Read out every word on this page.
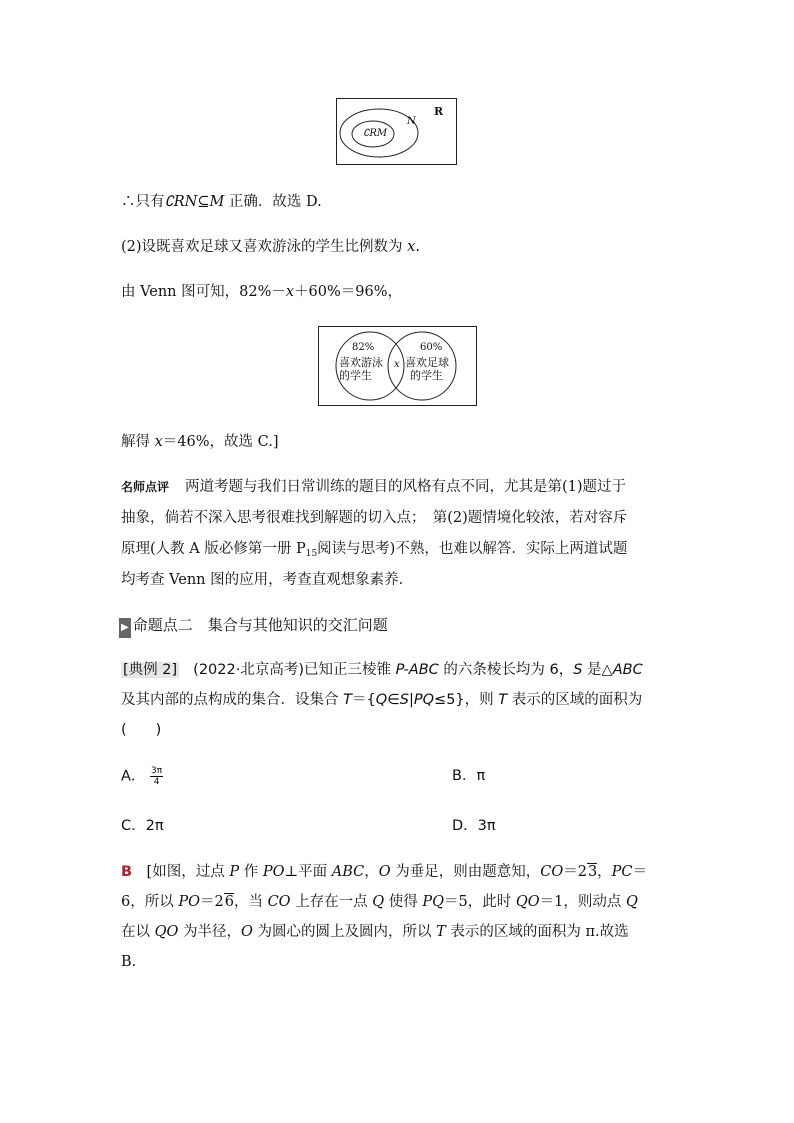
R
N
∁RM
∴只有∁RN⊆M 正确．故选 D.
(2)设既喜欢足球又喜欢游泳的学生比例数为 x.
由 Venn 图可知，82%－x＋60%＝96%，
82%
喜欢游泳
的学生
x
60%
喜欢足球
的学生
解得 x＝46%，故选 C.]
名师点评 两道考题与我们日常训练的题目的风格有点不同，尤其是第(1)题过于
抽象，倘若不深入思考很难找到解题的切入点；　第(2)题情境化较浓，若对容斥
原理(人教 A 版必修第一册 $P_{15}$阅读与思考)不熟，也难以解答．实际上两道试题
均考查 Venn 图的应用，考查直观想象素养．
▶ 命题点二　集合与其他知识的交汇问题
[典例 2] (2022·北京高考)已知正三棱锥 P-ABC 的六条棱长均为 6，S 是△ABC
及其内部的点构成的集合．设集合 T＝{Q∈S|PQ≤5}，则 T 表示的区域的面积为
(　　)
A． $\frac{3\pi}{4}$	B．π
C．2π	D．3π
B　[如图，过点 P 作 PO⊥平面 ABC，O 为垂足，则由题意知，CO＝23，PC＝
6，所以 PO＝26，当 CO 上存在一点 Q 使得 PQ＝5，此时 QO＝1，则动点 Q
在以 QO 为半径，O 为圆心的圆上及圆内，所以 T 表示的区域的面积为 π.故选
B.
